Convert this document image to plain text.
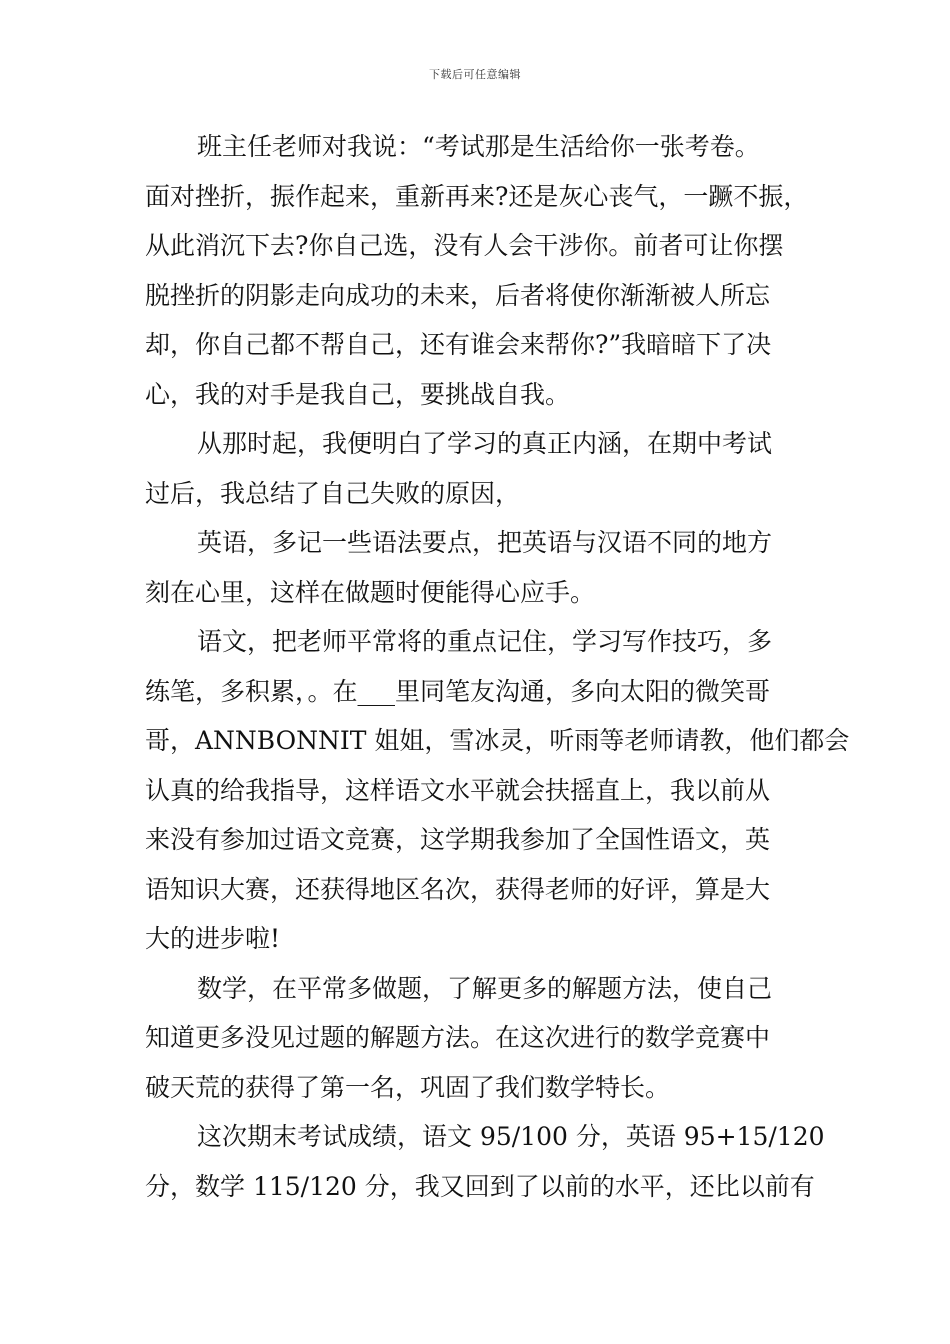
下载后可任意编辑
班主任老师对我说：“考试那是生活给你一张考卷。
面对挫折，振作起来，重新再来?还是灰心丧气，一蹶不振，
从此消沉下去?你自己选，没有人会干涉你。前者可让你摆
脱挫折的阴影走向成功的未来，后者将使你渐渐被人所忘
却，你自己都不帮自己，还有谁会来帮你?”我暗暗下了决
心，我的对手是我自己，要挑战自我。
从那时起，我便明白了学习的真正内涵，在期中考试
过后，我总结了自己失败的原因，
英语，多记一些语法要点，把英语与汉语不同的地方
刻在心里，这样在做题时便能得心应手。
语文，把老师平常将的重点记住，学习写作技巧，多
练笔，多积累，。在___里同笔友沟通，多向太阳的微笑哥
哥，ANNBONNIT 姐姐，雪冰灵，听雨等老师请教，他们都会
认真的给我指导，这样语文水平就会扶摇直上，我以前从
来没有参加过语文竞赛，这学期我参加了全国性语文，英
语知识大赛，还获得地区名次，获得老师的好评，算是大
大的进步啦!
数学，在平常多做题，了解更多的解题方法，使自己
知道更多没见过题的解题方法。在这次进行的数学竞赛中
破天荒的获得了第一名，巩固了我们数学特长。
这次期末考试成绩，语文 95/100 分，英语 95+15/120
分，数学 115/120 分，我又回到了以前的水平，还比以前有
